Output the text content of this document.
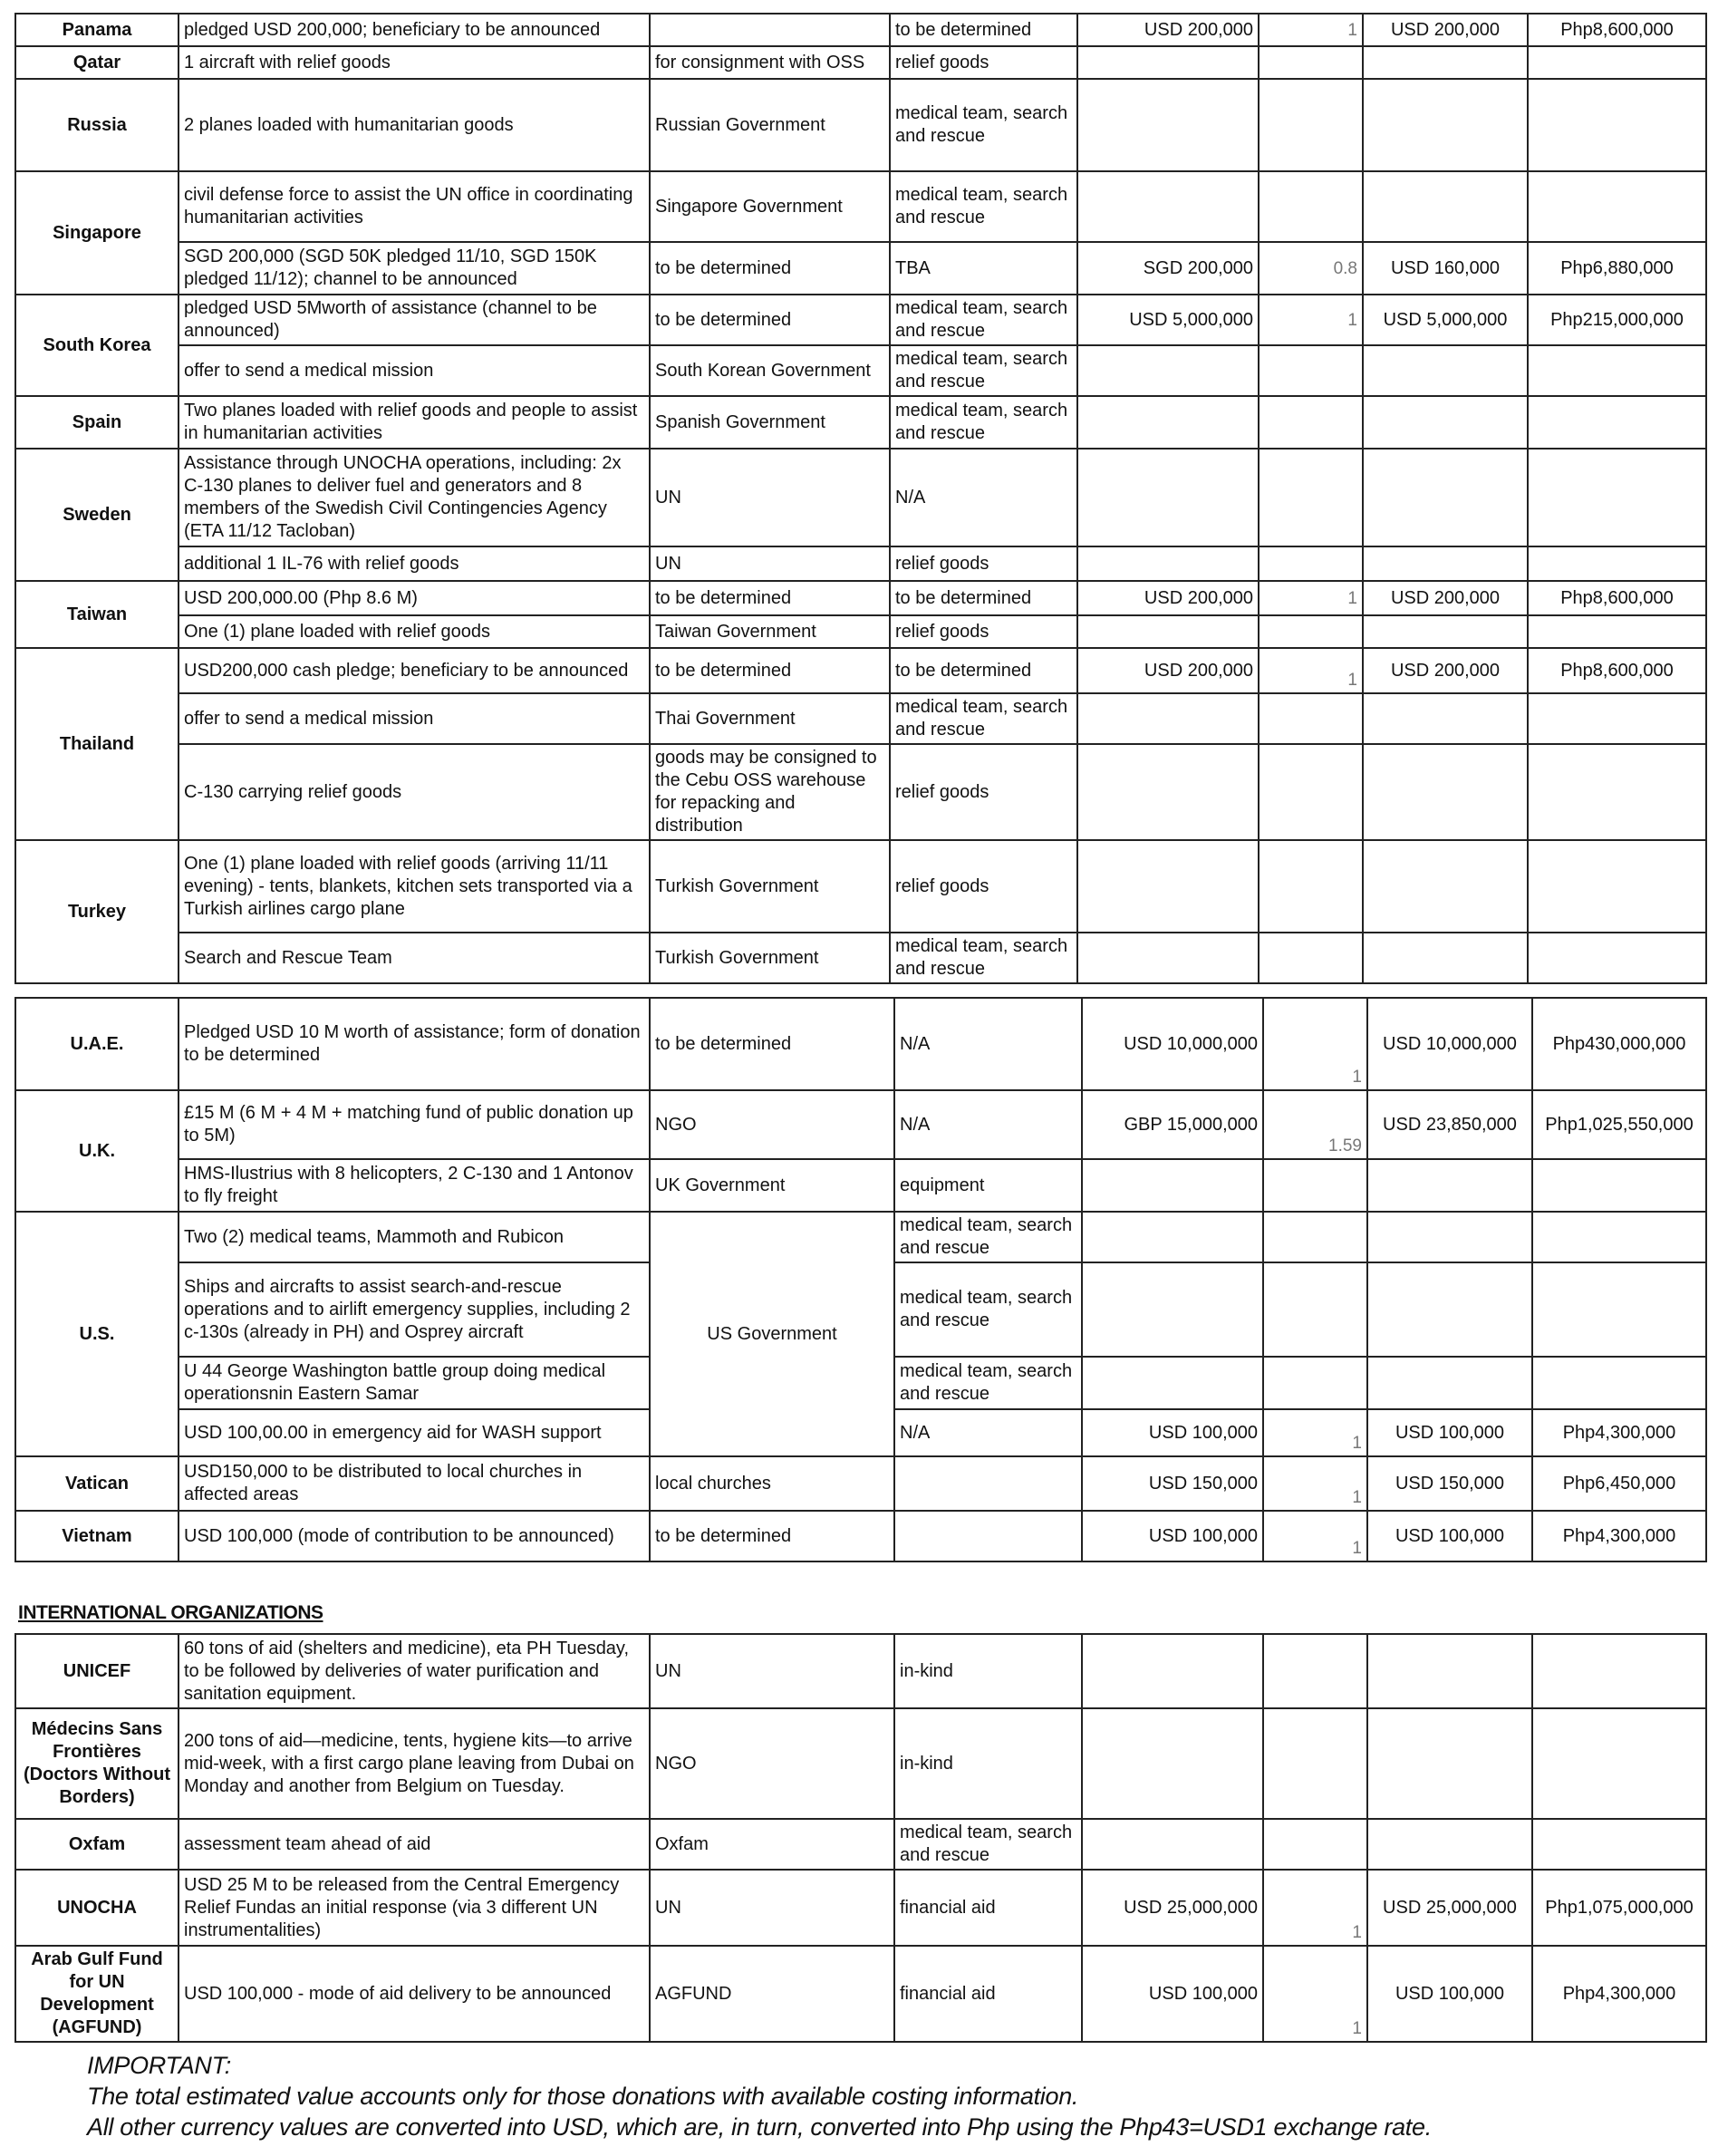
Panama	pledged USD 200,000; beneficiary to be announced		to be determined	USD 200,000	1	USD 200,000	Php8,600,000
Qatar	1 aircraft with relief goods	for consignment with OSS	relief goods				
Russia	2 planes loaded with humanitarian goods	Russian Government	medical team, search and rescue				
Singapore	civil defense force to assist the UN office in coordinating humanitarian activities	Singapore Government	medical team, search and rescue				
	SGD 200,000 (SGD 50K pledged 11/10, SGD 150K pledged 11/12); channel to be announced	to be determined	TBA	SGD 200,000	0.8	USD 160,000	Php6,880,000
South Korea	pledged USD 5Mworth of assistance (channel to be announced)	to be determined	medical team, search and rescue	USD 5,000,000	1	USD 5,000,000	Php215,000,000
	offer to send a medical mission	South Korean Government	medical team, search and rescue				
Spain	Two planes loaded with relief goods and people to assist in humanitarian activities	Spanish Government	medical team, search and rescue				
Sweden	Assistance through UNOCHA operations, including: 2x C-130 planes to deliver fuel and generators and 8 members of the Swedish Civil Contingencies Agency (ETA 11/12 Tacloban)	UN	N/A				
	additional 1 IL-76 with relief goods	UN	relief goods				
Taiwan	USD 200,000.00 (Php 8.6 M)	to be determined	to be determined	USD 200,000	1	USD 200,000	Php8,600,000
	One (1) plane loaded with relief goods	Taiwan Government	relief goods				
Thailand	USD200,000 cash pledge; beneficiary to be announced	to be determined	to be determined	USD 200,000	1	USD 200,000	Php8,600,000
	offer to send a medical mission	Thai Government	medical team, search and rescue				
	C-130 carrying relief goods	goods may be consigned to the Cebu OSS warehouse for repacking and distribution	relief goods				
Turkey	One (1) plane loaded with relief goods (arriving 11/11 evening) - tents, blankets, kitchen sets transported via a Turkish airlines cargo plane	Turkish Government	relief goods				
	Search and Rescue Team	Turkish Government	medical team, search and rescue				
U.A.E.	Pledged USD 10 M worth of assistance; form of donation to be determined	to be determined	N/A	USD 10,000,000	1	USD 10,000,000	Php430,000,000
U.K.	£15 M (6 M + 4 M + matching fund of public donation up to 5M)	NGO	N/A	GBP 15,000,000	1.59	USD 23,850,000	Php1,025,550,000
	HMS-Ilustrius with 8 helicopters, 2 C-130 and 1 Antonov to fly freight	UK Government	equipment				
U.S.	Two (2) medical teams, Mammoth and Rubicon	US Government	medical team, search and rescue				
	Ships and aircrafts to assist search-and-rescue operations and to airlift emergency supplies, including 2 c-130s (already in PH) and Osprey aircraft		medical team, search and rescue				
	U 44 George Washington battle group doing medical operationsnin Eastern Samar		medical team, search and rescue				
	USD 100,00.00 in emergency aid for WASH support		N/A	USD 100,000	1	USD 100,000	Php4,300,000
Vatican	USD150,000 to be distributed to local churches in affected areas	local churches		USD 150,000	1	USD 150,000	Php6,450,000
Vietnam	USD 100,000 (mode of contribution to be announced)	to be determined		USD 100,000	1	USD 100,000	Php4,300,000
INTERNATIONAL ORGANIZATIONS
UNICEF	60 tons of aid (shelters and medicine), eta PH Tuesday, to be followed by deliveries of water purification and sanitation equipment.	UN	in-kind				
Médecins Sans Frontières (Doctors Without Borders)	200 tons of aid—medicine, tents, hygiene kits—to arrive mid-week, with a first cargo plane leaving from Dubai on Monday and another from Belgium on Tuesday.	NGO	in-kind				
Oxfam	assessment team ahead of aid	Oxfam	medical team, search and rescue				
UNOCHA	USD 25 M to be released from the Central Emergency Relief Fundas an initial response (via 3 different UN instrumentalities)	UN	financial aid	USD 25,000,000	1	USD 25,000,000	Php1,075,000,000
Arab Gulf Fund for UN Development (AGFUND)	USD 100,000 - mode of aid delivery to be announced	AGFUND	financial aid	USD 100,000	1	USD 100,000	Php4,300,000
IMPORTANT:
The total estimated value accounts only for those donations with available costing information.
All other currency values are converted into USD, which are, in turn, converted into Php using the Php43=USD1 exchange rate.
